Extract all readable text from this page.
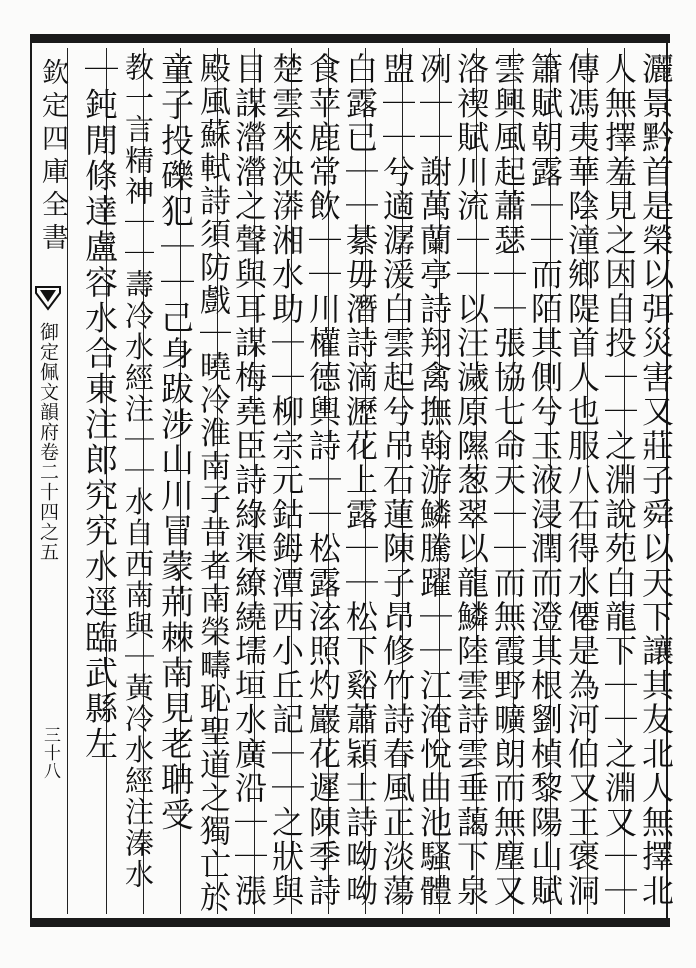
欽定四庫全書
御定佩文韻府卷二十四之五
三十八	灑景黔首是榮以弭災害又莊子舜以天下讓其友北人無擇北
人無擇羞見之因自投｜｜之淵說苑白龍下｜｜之淵又｜｜
傳馮夷華陰潼鄉隄首人也服八石得水僊是為河伯又王褒洞
簫賦朝露｜｜而陌其側兮玉液浸潤而澄其根劉楨黎陽山賦
雲興風起蕭瑟｜｜張協七命天｜｜而無霞野曠朗而無塵又
洛禊賦川流｜｜以汪濊原隰葱翠以龍鱗陸雲詩雲垂藹下泉
冽｜｜謝萬蘭亭詩翔禽撫翰游鱗騰躍｜｜江淹悅曲池騷體
盟｜｜兮適潺湲白雲起兮吊石蓮陳子昂修竹詩春風正淡蕩
白露已｜｜綦毋潛詩滴瀝花上露｜｜松下谿蕭穎士詩呦呦
食苹鹿常飲｜｜川權德輿詩｜｜松露泫照灼巖花遲陳季詩
楚雲來泱漭湘水助｜｜柳宗元鈷鉧潭西小丘記｜｜之狀與
目謀瀯瀯之聲與耳謀梅堯臣詩綠渠繚繞壖垣水廣沿｜｜漲
殿風蘇軾詩須防戲｜曉冷淮南子昔者南榮疇恥聖道之獨亡於
童子投礫犯｜｜己身跋涉山川冒蒙荊棘南見老聃受
教一言精神｜｜壽冷水經注｜｜水自西南與｜黃冷水經注溱水
｜鈍閒條達盧容水合東注郎究究水逕臨武縣左
